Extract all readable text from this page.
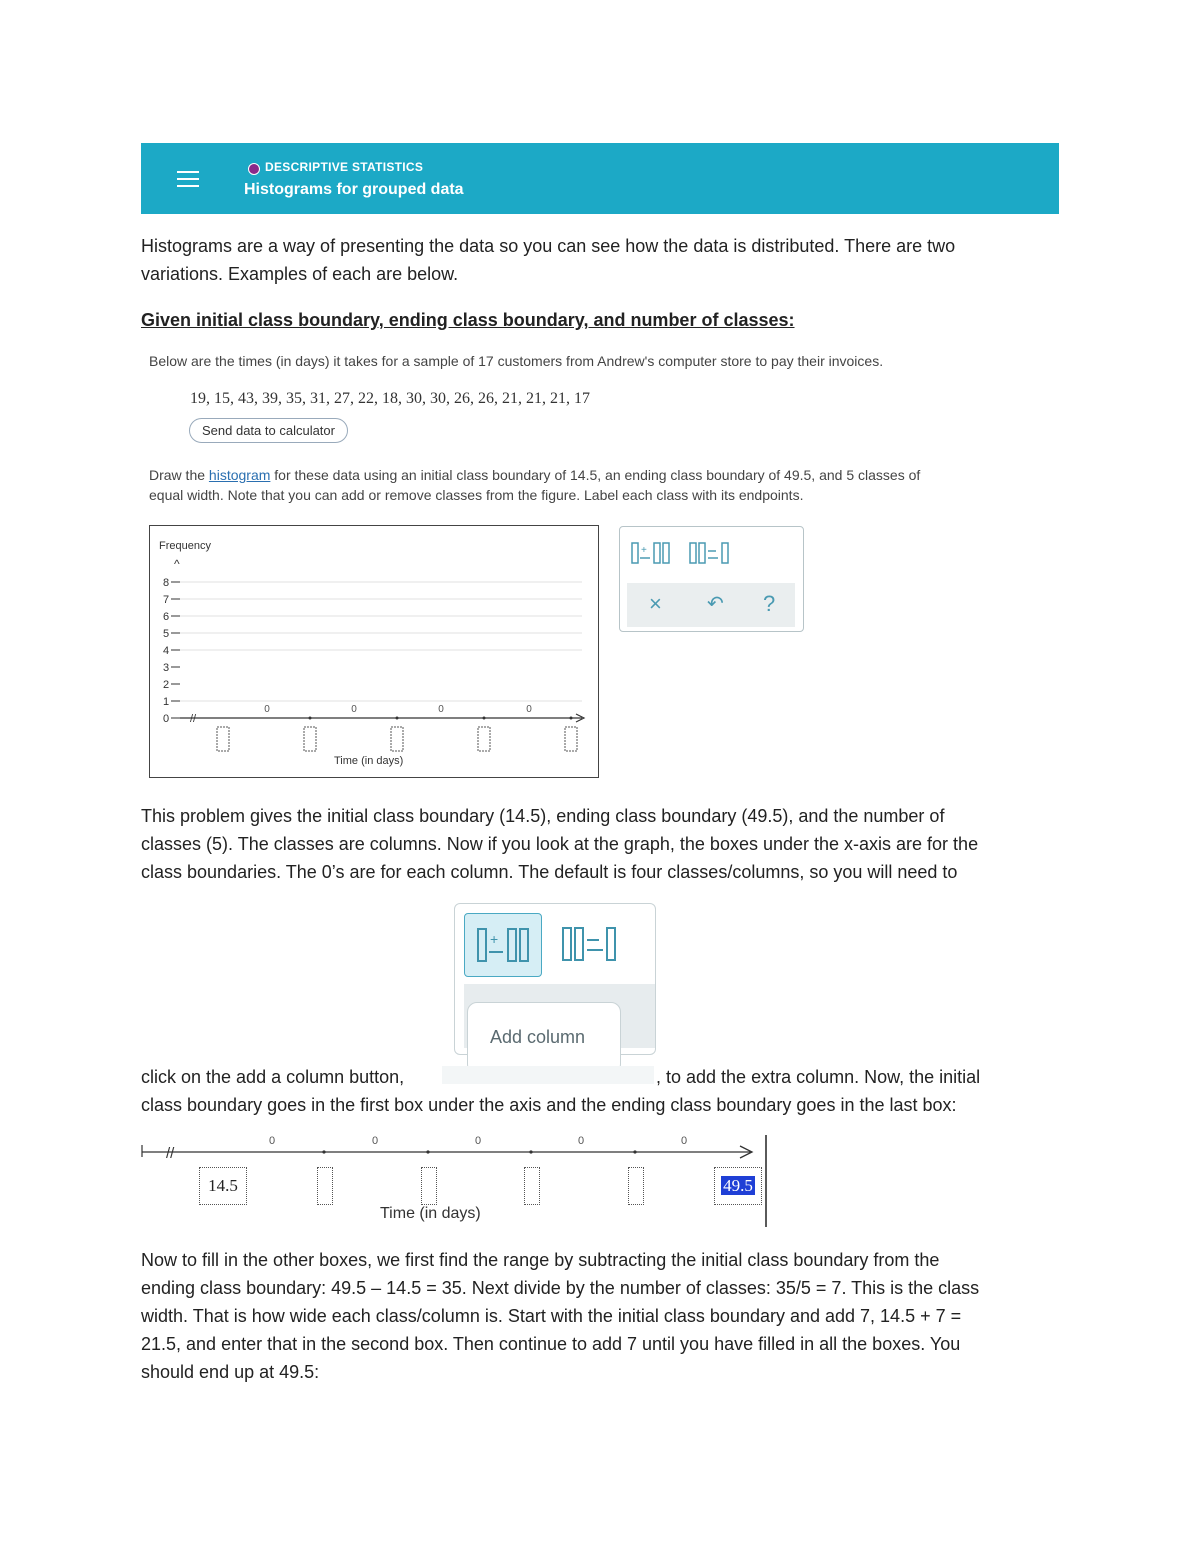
DESCRIPTIVE STATISTICS
Histograms for grouped data
Histograms are a way of presenting the data so you can see how the data is distributed. There are two
variations. Examples of each are below.
Given initial class boundary, ending class boundary, and number of classes:
Below are the times (in days) it takes for a sample of 17 customers from Andrew's computer store to pay their invoices.
19, 15, 43, 39, 35, 31, 27, 22, 18, 30, 30, 26, 26, 21, 21, 21, 17
Send data to calculator
Draw the histogram for these data using an initial class boundary of 14.5, an ending class boundary of 49.5, and 5 classes of
equal width. Note that you can add or remove classes from the figure. Label each class with its endpoints.
Frequency
^
8
7
6
5
4
3
2
1
0 //
0	0	0	0
Time (in days)
+
× ↶ ?
This problem gives the initial class boundary (14.5), ending class boundary (49.5), and the number of
classes (5). The classes are columns. Now if you look at the graph, the boxes under the x-axis are for the
class boundaries. The 0’s are for each column. The default is four classes/columns, so you will need to
+
Add column
click on the add a column button,	, to add the extra column. Now, the initial
class boundary goes in the first box under the axis and the ending class boundary goes in the last box:
//
0	0	0	0	0
Time (in days)
14.5	49.5
Now to fill in the other boxes, we first find the range by subtracting the initial class boundary from the
ending class boundary: 49.5 – 14.5 = 35. Next divide by the number of classes: 35/5 = 7. This is the class
width. That is how wide each class/column is. Start with the initial class boundary and add 7, 14.5 + 7 =
21.5, and enter that in the second box. Then continue to add 7 until you have filled in all the boxes. You
should end up at 49.5:
